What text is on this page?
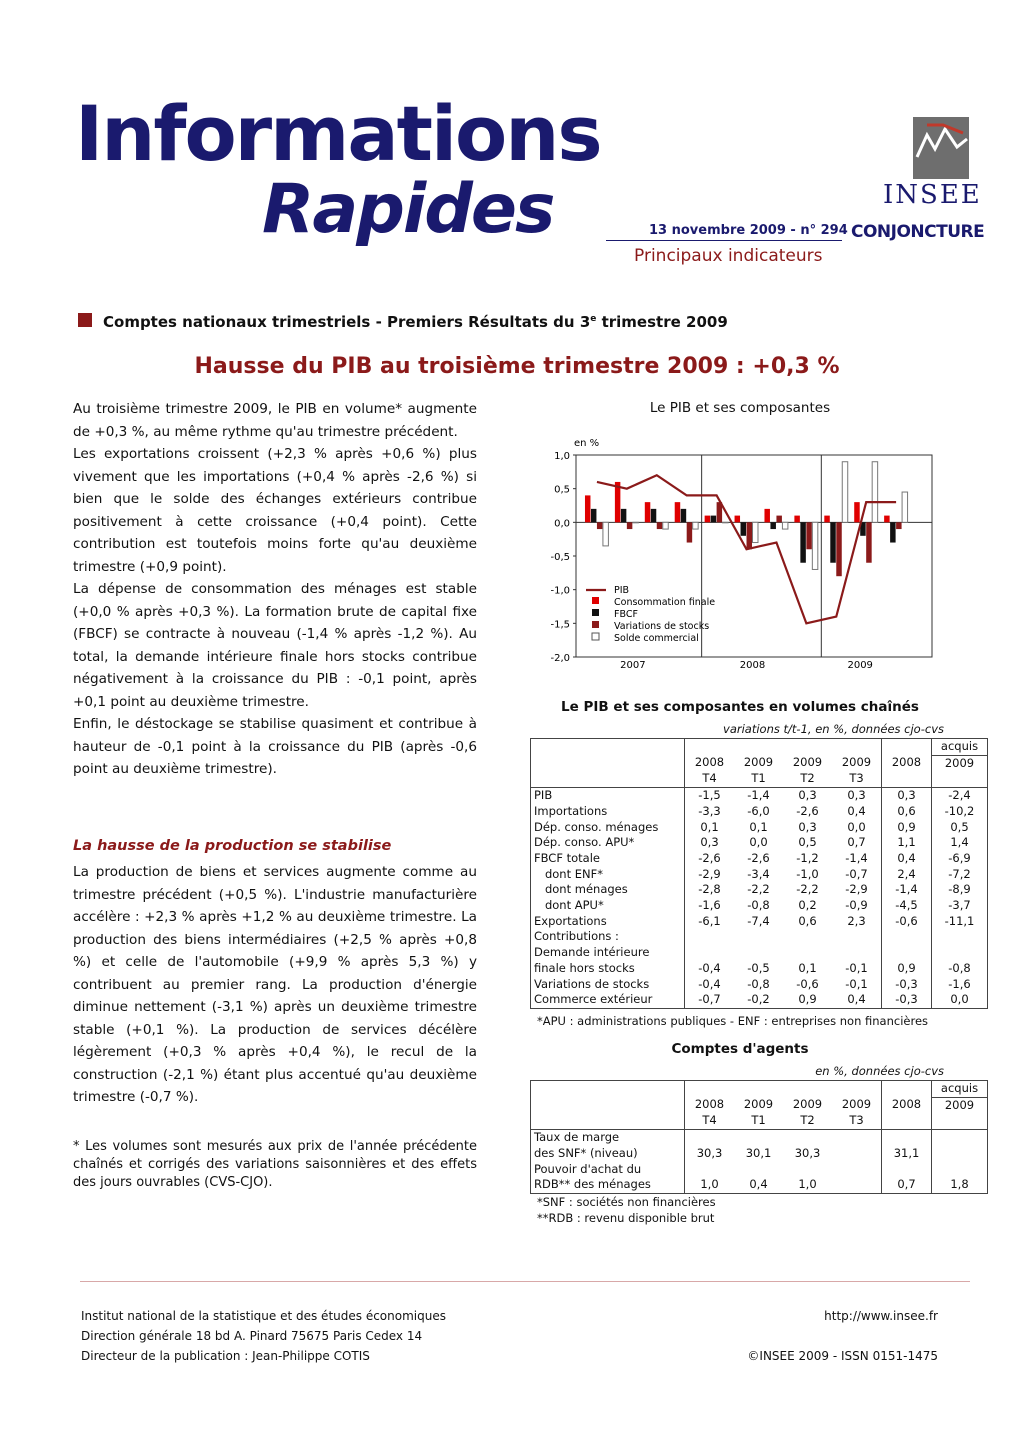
Informations
Rapides	13 novembre 2009 - n° 294
Principaux indicateurs
INSEE
CONJONCTURE
Comptes nationaux trimestriels - Premiers Résultats du 3e trimestre 2009
Hausse du PIB au troisième trimestre 2009 : +0,3 %

Au troisième trimestre 2009, le PIB en volume* augmente de +0,3 %, au même rythme qu'au trimestre précédent.

Les exportations croissent (+2,3 % après +0,6 %) plus vivement que les importations (+0,4 % après -2,6 %) si bien que le solde des échanges extérieurs contribue positivement à cette croissance (+0,4 point). Cette contribution est toutefois moins forte qu'au deuxième trimestre (+0,9 point).

La dépense de consommation des ménages est stable (+0,0 % après +0,3 %). La formation brute de capital fixe (FBCF) se contracte à nouveau (-1,4 % après -1,2 %). Au total, la demande intérieure finale hors stocks contribue négativement à la croissance du PIB : -0,1 point, après +0,1 point au deuxième trimestre.

Enfin, le déstockage se stabilise quasiment et contribue à hauteur de -0,1 point à la croissance du PIB (après -0,6 point au deuxième trimestre).

La hausse de la production se stabilise
La production de biens et services augmente comme au trimestre précédent (+0,5 %). L'industrie manufacturière accélère : +2,3 % après +1,2 % au deuxième trimestre. La production des biens intermédiaires (+2,5 % après +0,8 %) et celle de l'automobile (+9,9 % après 5,3 %) y contribuent au premier rang. La production d'énergie diminue nettement (-3,1 %) après un deuxième trimestre stable (+0,1 %). La production de services décélère légèrement (+0,3 % après +0,4 %), le recul de la construction (-2,1 %) étant plus accentué qu'au deuxième trimestre (-0,7 %).
* Les volumes sont mesurés aux prix de l'année précédente chaînés et corrigés des variations saisonnières et des effets des jours ouvrables (CVS-CJO).
Le PIB et ses composantes
en %
1,0
0,5
0,0
-0,5
-1,0
-1,5
-2,0
2007	2008	2009
PIB
Consommation finale
FBCF
Variations de stocks
Solde commercial
Le PIB et ses composantes en volumes chaînés
variations t/t-1, en %, données cjo-cvs
						acquis
	2008	2009	2009	2009	2008	2009
	T4	T1	T2	T3		
PIB	-1,5	-1,4	0,3	0,3	0,3	-2,4
Importations	-3,3	-6,0	-2,6	0,4	0,6	-10,2
Dép. conso. ménages	0,1	0,1	0,3	0,0	0,9	0,5
Dép. conso. APU*	0,3	0,0	0,5	0,7	1,1	1,4
FBCF totale	-2,6	-2,6	-1,2	-1,4	0,4	-6,9
dont ENF*	-2,9	-3,4	-1,0	-0,7	2,4	-7,2
dont ménages	-2,8	-2,2	-2,2	-2,9	-1,4	-8,9
dont APU*	-1,6	-0,8	0,2	-0,9	-4,5	-3,7
Exportations	-6,1	-7,4	0,6	2,3	-0,6	-11,1
Contributions :						
Demande intérieure						
finale hors stocks	-0,4	-0,5	0,1	-0,1	0,9	-0,8
Variations de stocks	-0,4	-0,8	-0,6	-0,1	-0,3	-1,6
Commerce extérieur	-0,7	-0,2	0,9	0,4	-0,3	0,0
*APU : administrations publiques - ENF : entreprises non financières
Comptes d'agents
en %, données cjo-cvs
						acquis
	2008	2009	2009	2009	2008	2009
	T4	T1	T2	T3		
Taux de marge						
des SNF* (niveau)	30,3	30,1	30,3		31,1	
Pouvoir d'achat du						
RDB** des ménages	1,0	0,4	1,0		0,7	1,8
*SNF : sociétés non financières
**RDB : revenu disponible brut
Institut national de la statistique et des études économiques
Direction générale 18 bd A. Pinard 75675 Paris Cedex 14
Directeur de la publication : Jean-Philippe COTIS
http://www.insee.fr
©INSEE 2009 - ISSN 0151-1475
